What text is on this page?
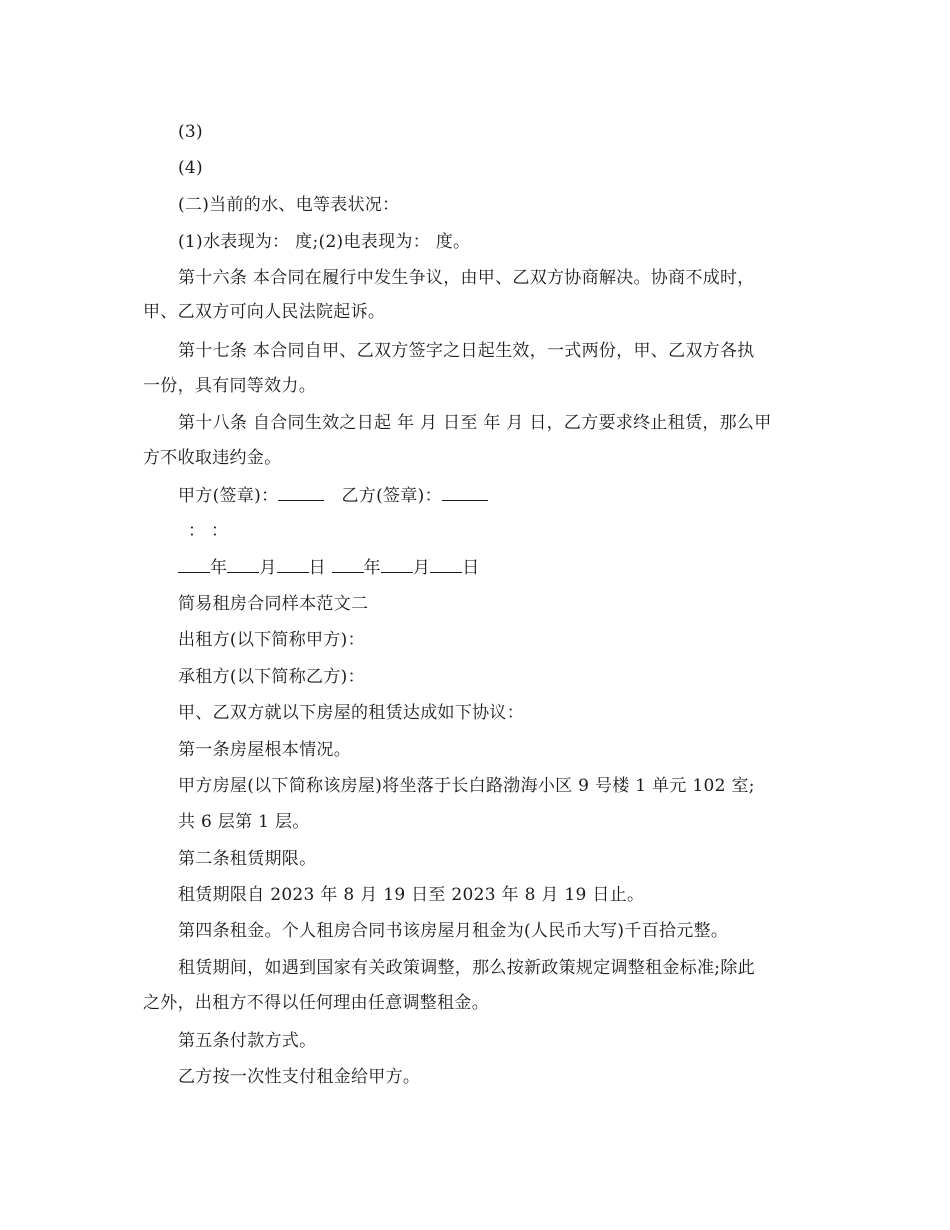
(3)
(4)
(二)当前的水、电等表状况：
(1)水表现为： 度;(2)电表现为： 度。
第十六条 本合同在履行中发生争议，由甲、乙双方协商解决。协商不成时，
甲、乙双方可向人民法院起诉。
第十七条 本合同自甲、乙双方签字之日起生效，一式两份，甲、乙双方各执
一份，具有同等效力。
第十八条 自合同生效之日起 年 月 日至 年 月 日，乙方要求终止租赁，那么甲
方不收取违约金。
甲方(签章)：	乙方(签章)：
： ：
年 月 日 年 月 日
简易租房合同样本范文二
出租方(以下简称甲方)：
承租方(以下简称乙方)：
甲、乙双方就以下房屋的租赁达成如下协议：
第一条房屋根本情况。
甲方房屋(以下简称该房屋)将坐落于长白路渤海小区 9 号楼 1 单元 102 室;
共 6 层第 1 层。
第二条租赁期限。
租赁期限自 2023 年 8 月 19 日至 2023 年 8 月 19 日止。
第四条租金。个人租房合同书该房屋月租金为(人民币大写)千百拾元整。
租赁期间，如遇到国家有关政策调整，那么按新政策规定调整租金标准;除此
之外，出租方不得以任何理由任意调整租金。
第五条付款方式。
乙方按一次性支付租金给甲方。
